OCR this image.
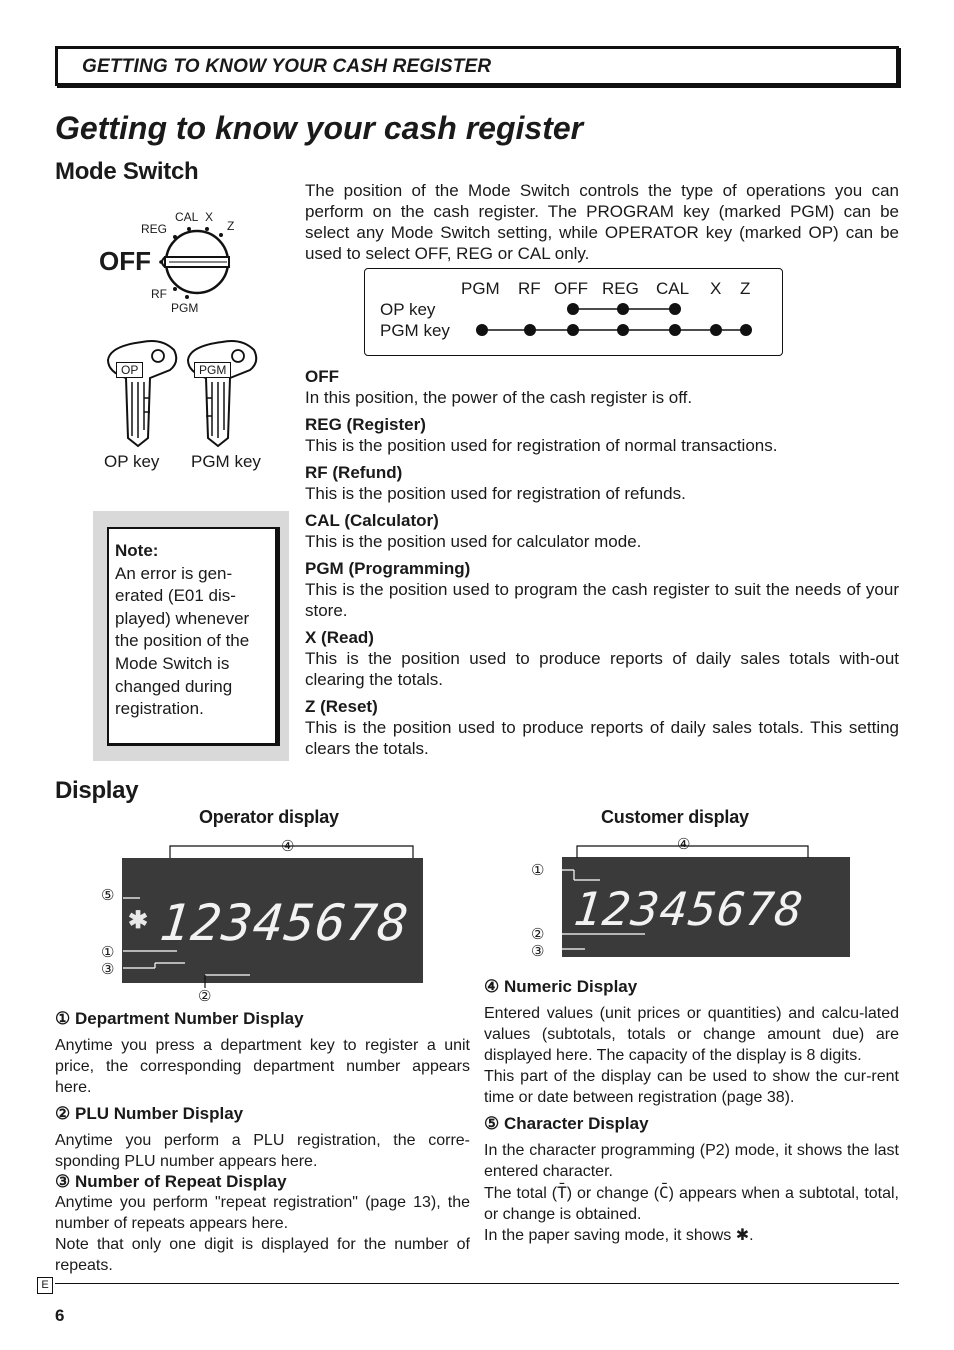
GETTING TO KNOW YOUR CASH REGISTER
Getting to know your cash register
Mode Switch
CAL X
Z
REG
OFF
RF
PGM
OP	PGM
OP key PGM key
The position of the Mode Switch controls the type of operations you can perform on the cash register. The PROGRAM key (marked PGM) can be select any Mode Switch setting, while OPERATOR key (marked OP) can be used to select OFF, REG or CAL only.
PGM RF OFF REG CAL X Z
OP key
PGM key
OFF
In this position, the power of the cash register is off.
REG (Register)
This is the position used for registration of normal transactions.
RF (Refund)
This is the position used for registration of refunds.
CAL (Calculator)
This is the position used for calculator mode.
PGM (Programming)
This is the position used to program the cash register to suit the needs of your store.
X (Read)
This is the position used to produce reports of daily sales totals with-out clearing the totals.
Z (Reset)
This is the position used to produce reports of daily sales totals. This setting clears the totals.
Note:
An error is gen-erated (E01 dis-played) whenever the position of the Mode Switch is changed during registration.
Display
Operator display	Customer display
✱ 12345678
④
⑤
①
③
②
12345678
④
①
②
③
① Department Number Display
Anytime you press a department key to register a unit price, the corresponding department number appears here.
② PLU Number Display
Anytime you perform a PLU registration, the corre-sponding PLU number appears here.
③ Number of Repeat Display
Anytime you perform "repeat registration" (page 13), the number of repeats appears here.
Note that only one digit is displayed for the number of repeats.
④ Numeric Display
Entered values (unit prices or quantities) and calcu-lated values (subtotals, totals or change amount due) are displayed here. The capacity of the display is 8 digits.
This part of the display can be used to show the cur-rent time or date between registration (page 38).
⑤ Character Display
In the character programming (P2) mode, it shows the last entered character.
The total (T̄) or change (C̄) appears when a subtotal, total, or change is obtained.
In the paper saving mode, it shows ✱.
E
6
